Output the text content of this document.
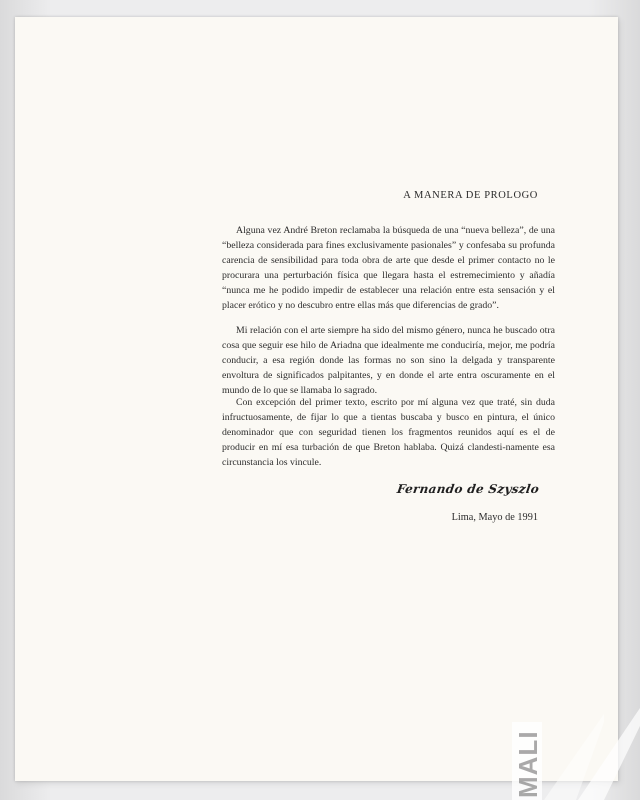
A MANERA DE PROLOGO

Alguna vez André Breton reclamaba la búsqueda de una “nueva belleza”, de una “belleza considerada para fines exclusivamente pasionales” y confesaba su profunda carencia de sensibilidad para toda obra de arte que desde el primer contacto no le procurara una perturbación física que llegara hasta el estremecimiento y añadía “nunca me he podido impedir de establecer una relación entre esta sensación y el placer erótico y no descubro entre ellas más que diferencias de grado”.

Mi relación con el arte siempre ha sido del mismo género, nunca he buscado otra cosa que seguir ese hilo de Ariadna que idealmente me conduciría, mejor, me podría conducir, a esa región donde las formas no son sino la delgada y transparente envoltura de significados palpitantes, y en donde el arte entra oscuramente en el mundo de lo que se llamaba lo sagrado.

Con excepción del primer texto, escrito por mí alguna vez que traté, sin duda infructuosamente, de fijar lo que a tientas buscaba y busco en pintura, el único denominador que con seguridad tienen los fragmentos reunidos aquí es el de producir en mí esa turbación de que Breton hablaba. Quizá clandesti-namente esa circunstancia los vincule.

Fernando de Szyszlo
Lima, Mayo de 1991
MALI
